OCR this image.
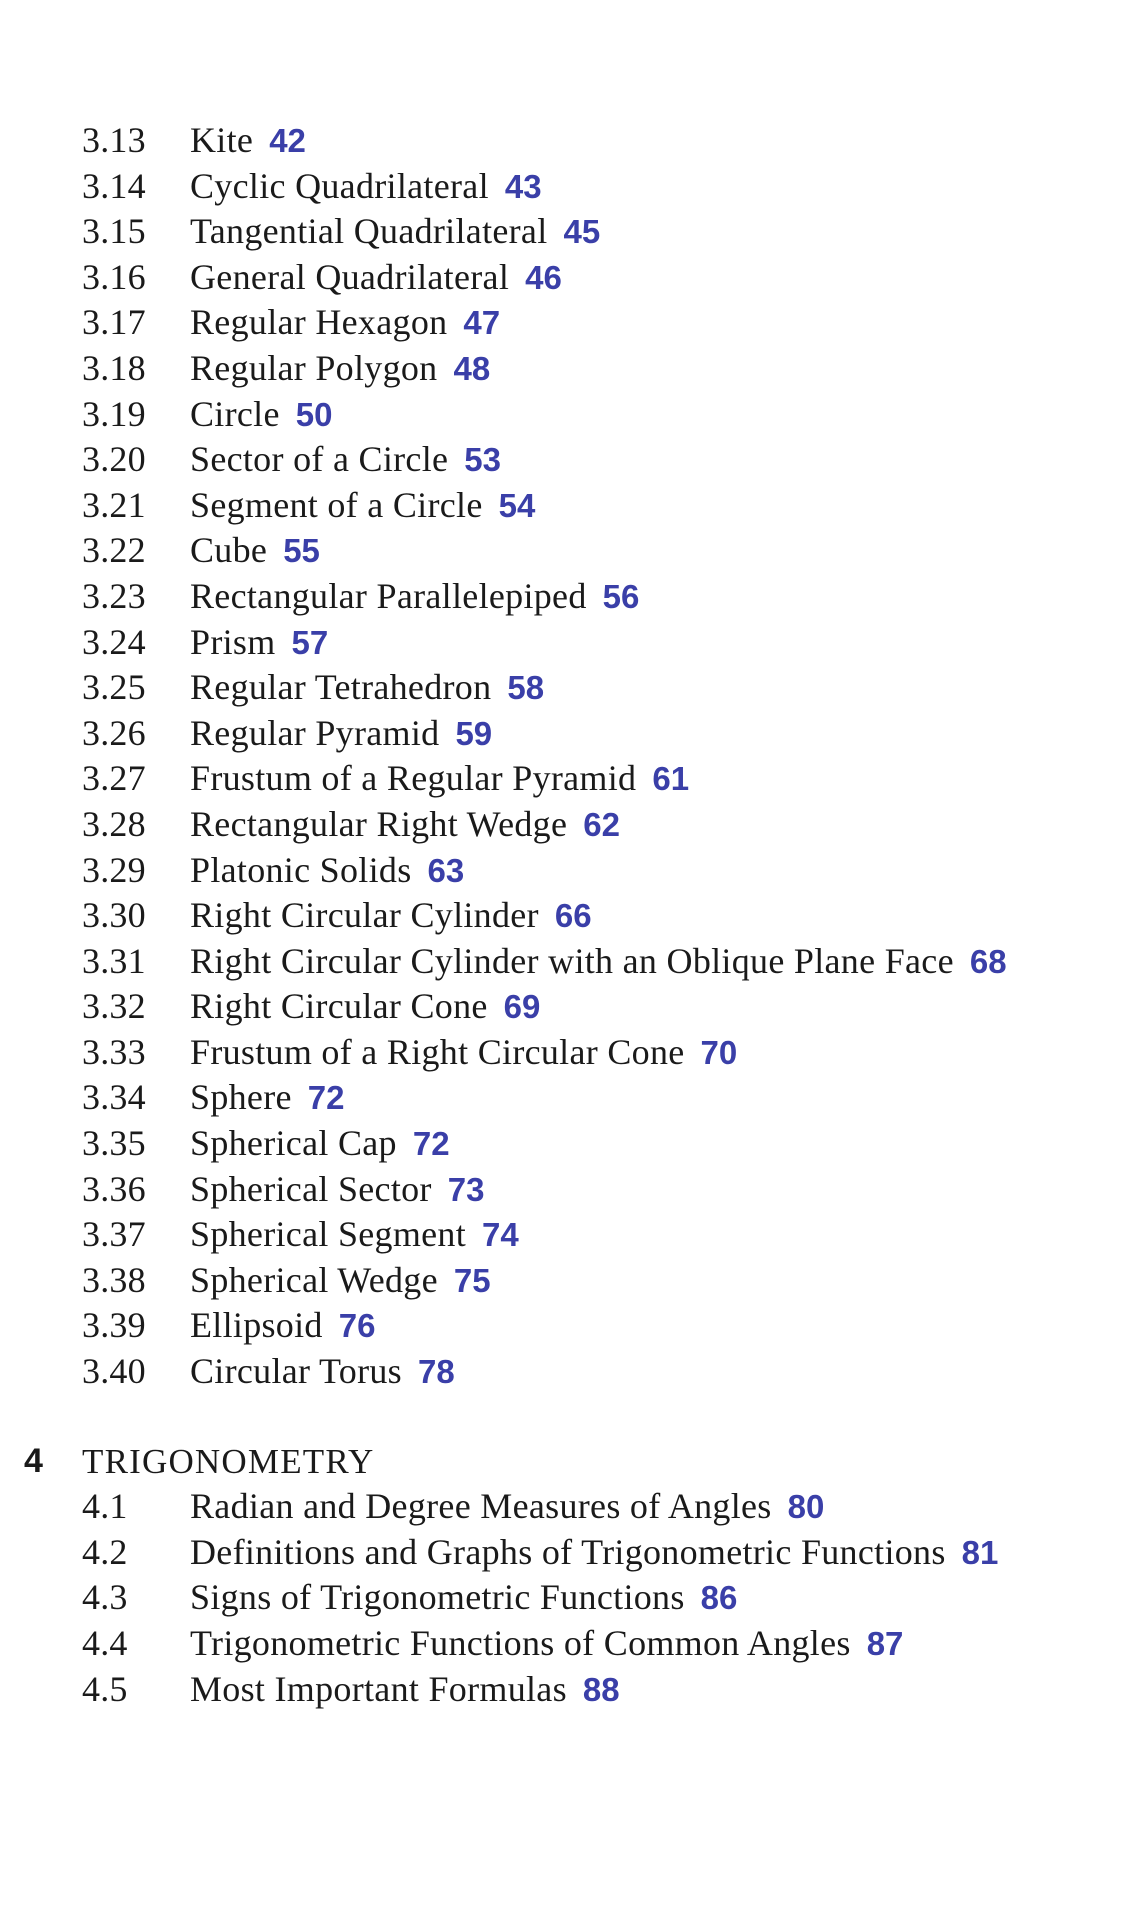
3.13 Kite 42
3.14 Cyclic Quadrilateral 43
3.15 Tangential Quadrilateral 45
3.16 General Quadrilateral 46
3.17 Regular Hexagon 47
3.18 Regular Polygon 48
3.19 Circle 50
3.20 Sector of a Circle 53
3.21 Segment of a Circle 54
3.22 Cube 55
3.23 Rectangular Parallelepiped 56
3.24 Prism 57
3.25 Regular Tetrahedron 58
3.26 Regular Pyramid 59
3.27 Frustum of a Regular Pyramid 61
3.28 Rectangular Right Wedge 62
3.29 Platonic Solids 63
3.30 Right Circular Cylinder 66
3.31 Right Circular Cylinder with an Oblique Plane Face 68
3.32 Right Circular Cone 69
3.33 Frustum of a Right Circular Cone 70
3.34 Sphere 72
3.35 Spherical Cap 72
3.36 Spherical Sector 73
3.37 Spherical Segment 74
3.38 Spherical Wedge 75
3.39 Ellipsoid 76
3.40 Circular Torus 78
4 TRIGONOMETRY
4.1 Radian and Degree Measures of Angles 80
4.2 Definitions and Graphs of Trigonometric Functions 81
4.3 Signs of Trigonometric Functions 86
4.4 Trigonometric Functions of Common Angles 87
4.5 Most Important Formulas 88
